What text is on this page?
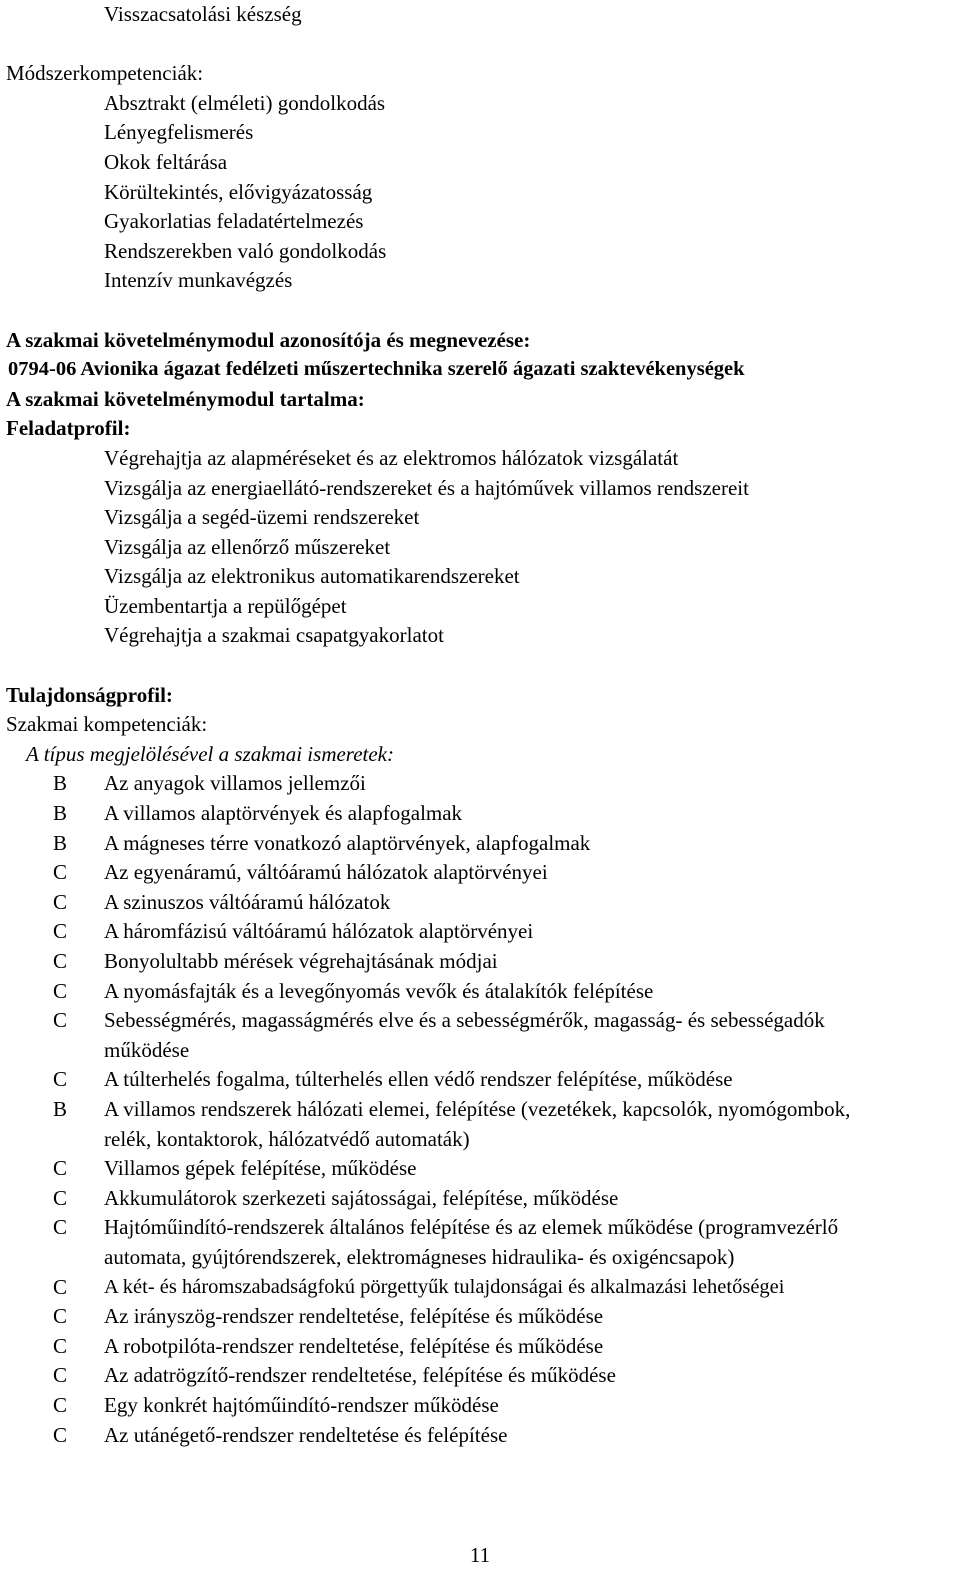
Visszacsatolási készség
Módszerkompetenciák:
Absztrakt (elméleti) gondolkodás
Lényegfelismerés
Okok feltárása
Körültekintés, elővigyázatosság
Gyakorlatias feladatértelmezés
Rendszerekben való gondolkodás
Intenzív munkavégzés
A szakmai követelménymodul azonosítója és megnevezése:
0794-06 Avionika ágazat fedélzeti műszertechnika szerelő ágazati szaktevékenységek
A szakmai követelménymodul tartalma:
Feladatprofil:
Végrehajtja az alapméréseket és az elektromos hálózatok vizsgálatát
Vizsgálja az energiaellátó-rendszereket és a hajtóművek villamos rendszereit
Vizsgálja a segéd-üzemi rendszereket
Vizsgálja az ellenőrző műszereket
Vizsgálja az elektronikus automatikarendszereket
Üzembentartja a repülőgépet
Végrehajtja a szakmai csapatgyakorlatot
Tulajdonságprofil:
Szakmai kompetenciák:
A típus megjelölésével a szakmai ismeretek:
B	Az anyagok villamos jellemzői
B	A villamos alaptörvények és alapfogalmak
B	A mágneses térre vonatkozó alaptörvények, alapfogalmak
C	Az egyenáramú, váltóáramú hálózatok alaptörvényei
C	A szinuszos váltóáramú hálózatok
C	A háromfázisú váltóáramú hálózatok alaptörvényei
C	Bonyolultabb mérések végrehajtásának módjai
C	A nyomásfajták és a levegőnyomás vevők és átalakítók felépítése
C	Sebességmérés, magasságmérés elve és a sebességmérők, magasság- és sebességadók működése
C	A túlterhelés fogalma, túlterhelés ellen védő rendszer felépítése, működése
B	A villamos rendszerek hálózati elemei, felépítése (vezetékek, kapcsolók, nyomógombok, relék, kontaktorok, hálózatvédő automaták)
C	Villamos gépek felépítése, működése
C	Akkumulátorok szerkezeti sajátosságai, felépítése, működése
C	Hajtóműindító-rendszerek általános felépítése és az elemek működése (programvezérlő automata, gyújtórendszerek, elektromágneses hidraulika- és oxigéncsapok)
C	A két- és háromszabadságfokú pörgettyűk tulajdonságai és alkalmazási lehetőségei
C	Az irányszög-rendszer rendeltetése, felépítése és működése
C	A robotpilóta-rendszer rendeltetése, felépítése és működése
C	Az adatrögzítő-rendszer rendeltetése, felépítése és működése
C	Egy konkrét hajtóműindító-rendszer működése
C	Az utánégető-rendszer rendeltetése és felépítése
11
